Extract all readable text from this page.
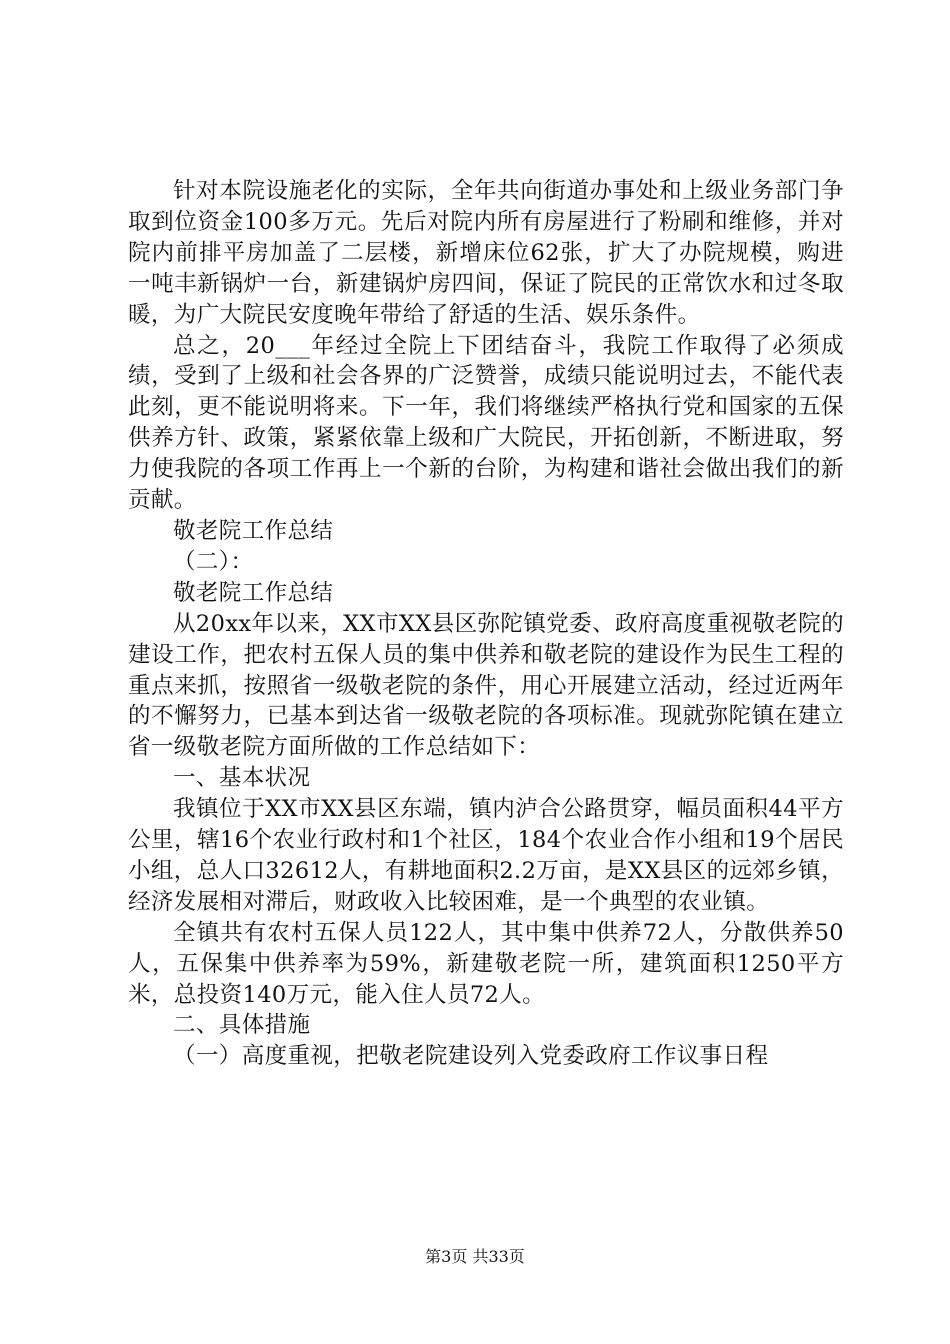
针对本院设施老化的实际，全年共向街道办事处和上级业务部门争取到位资金100多万元。先后对院内所有房屋进行了粉刷和维修，并对院内前排平房加盖了二层楼，新增床位62张，扩大了办院规模，购进一吨丰新锅炉一台，新建锅炉房四间，保证了院民的正常饮水和过冬取暖，为广大院民安度晚年带给了舒适的生活、娱乐条件。

总之，20___年经过全院上下团结奋斗，我院工作取得了必须成绩，受到了上级和社会各界的广泛赞誉，成绩只能说明过去，不能代表此刻，更不能说明将来。下一年，我们将继续严格执行党和国家的五保供养方针、政策，紧紧依靠上级和广大院民，开拓创新，不断进取，努力使我院的各项工作再上一个新的台阶，为构建和谐社会做出我们的新贡献。

敬老院工作总结

（二）：

敬老院工作总结

从20xx年以来，XX市XX县区弥陀镇党委、政府高度重视敬老院的建设工作，把农村五保人员的集中供养和敬老院的建设作为民生工程的重点来抓，按照省一级敬老院的条件，用心开展建立活动，经过近两年的不懈努力，已基本到达省一级敬老院的各项标准。现就弥陀镇在建立省一级敬老院方面所做的工作总结如下：

一、基本状况

我镇位于XX市XX县区东端，镇内泸合公路贯穿，幅员面积44平方公里，辖16个农业行政村和1个社区，184个农业合作小组和19个居民小组，总人口32612人，有耕地面积2.2万亩，是XX县区的远郊乡镇，经济发展相对滞后，财政收入比较困难，是一个典型的农业镇。

全镇共有农村五保人员122人，其中集中供养72人，分散供养50人，五保集中供养率为59%，新建敬老院一所，建筑面积1250平方米，总投资140万元，能入住人员72人。

二、具体措施

（一）高度重视，把敬老院建设列入党委政府工作议事日程

第3页 共33页
